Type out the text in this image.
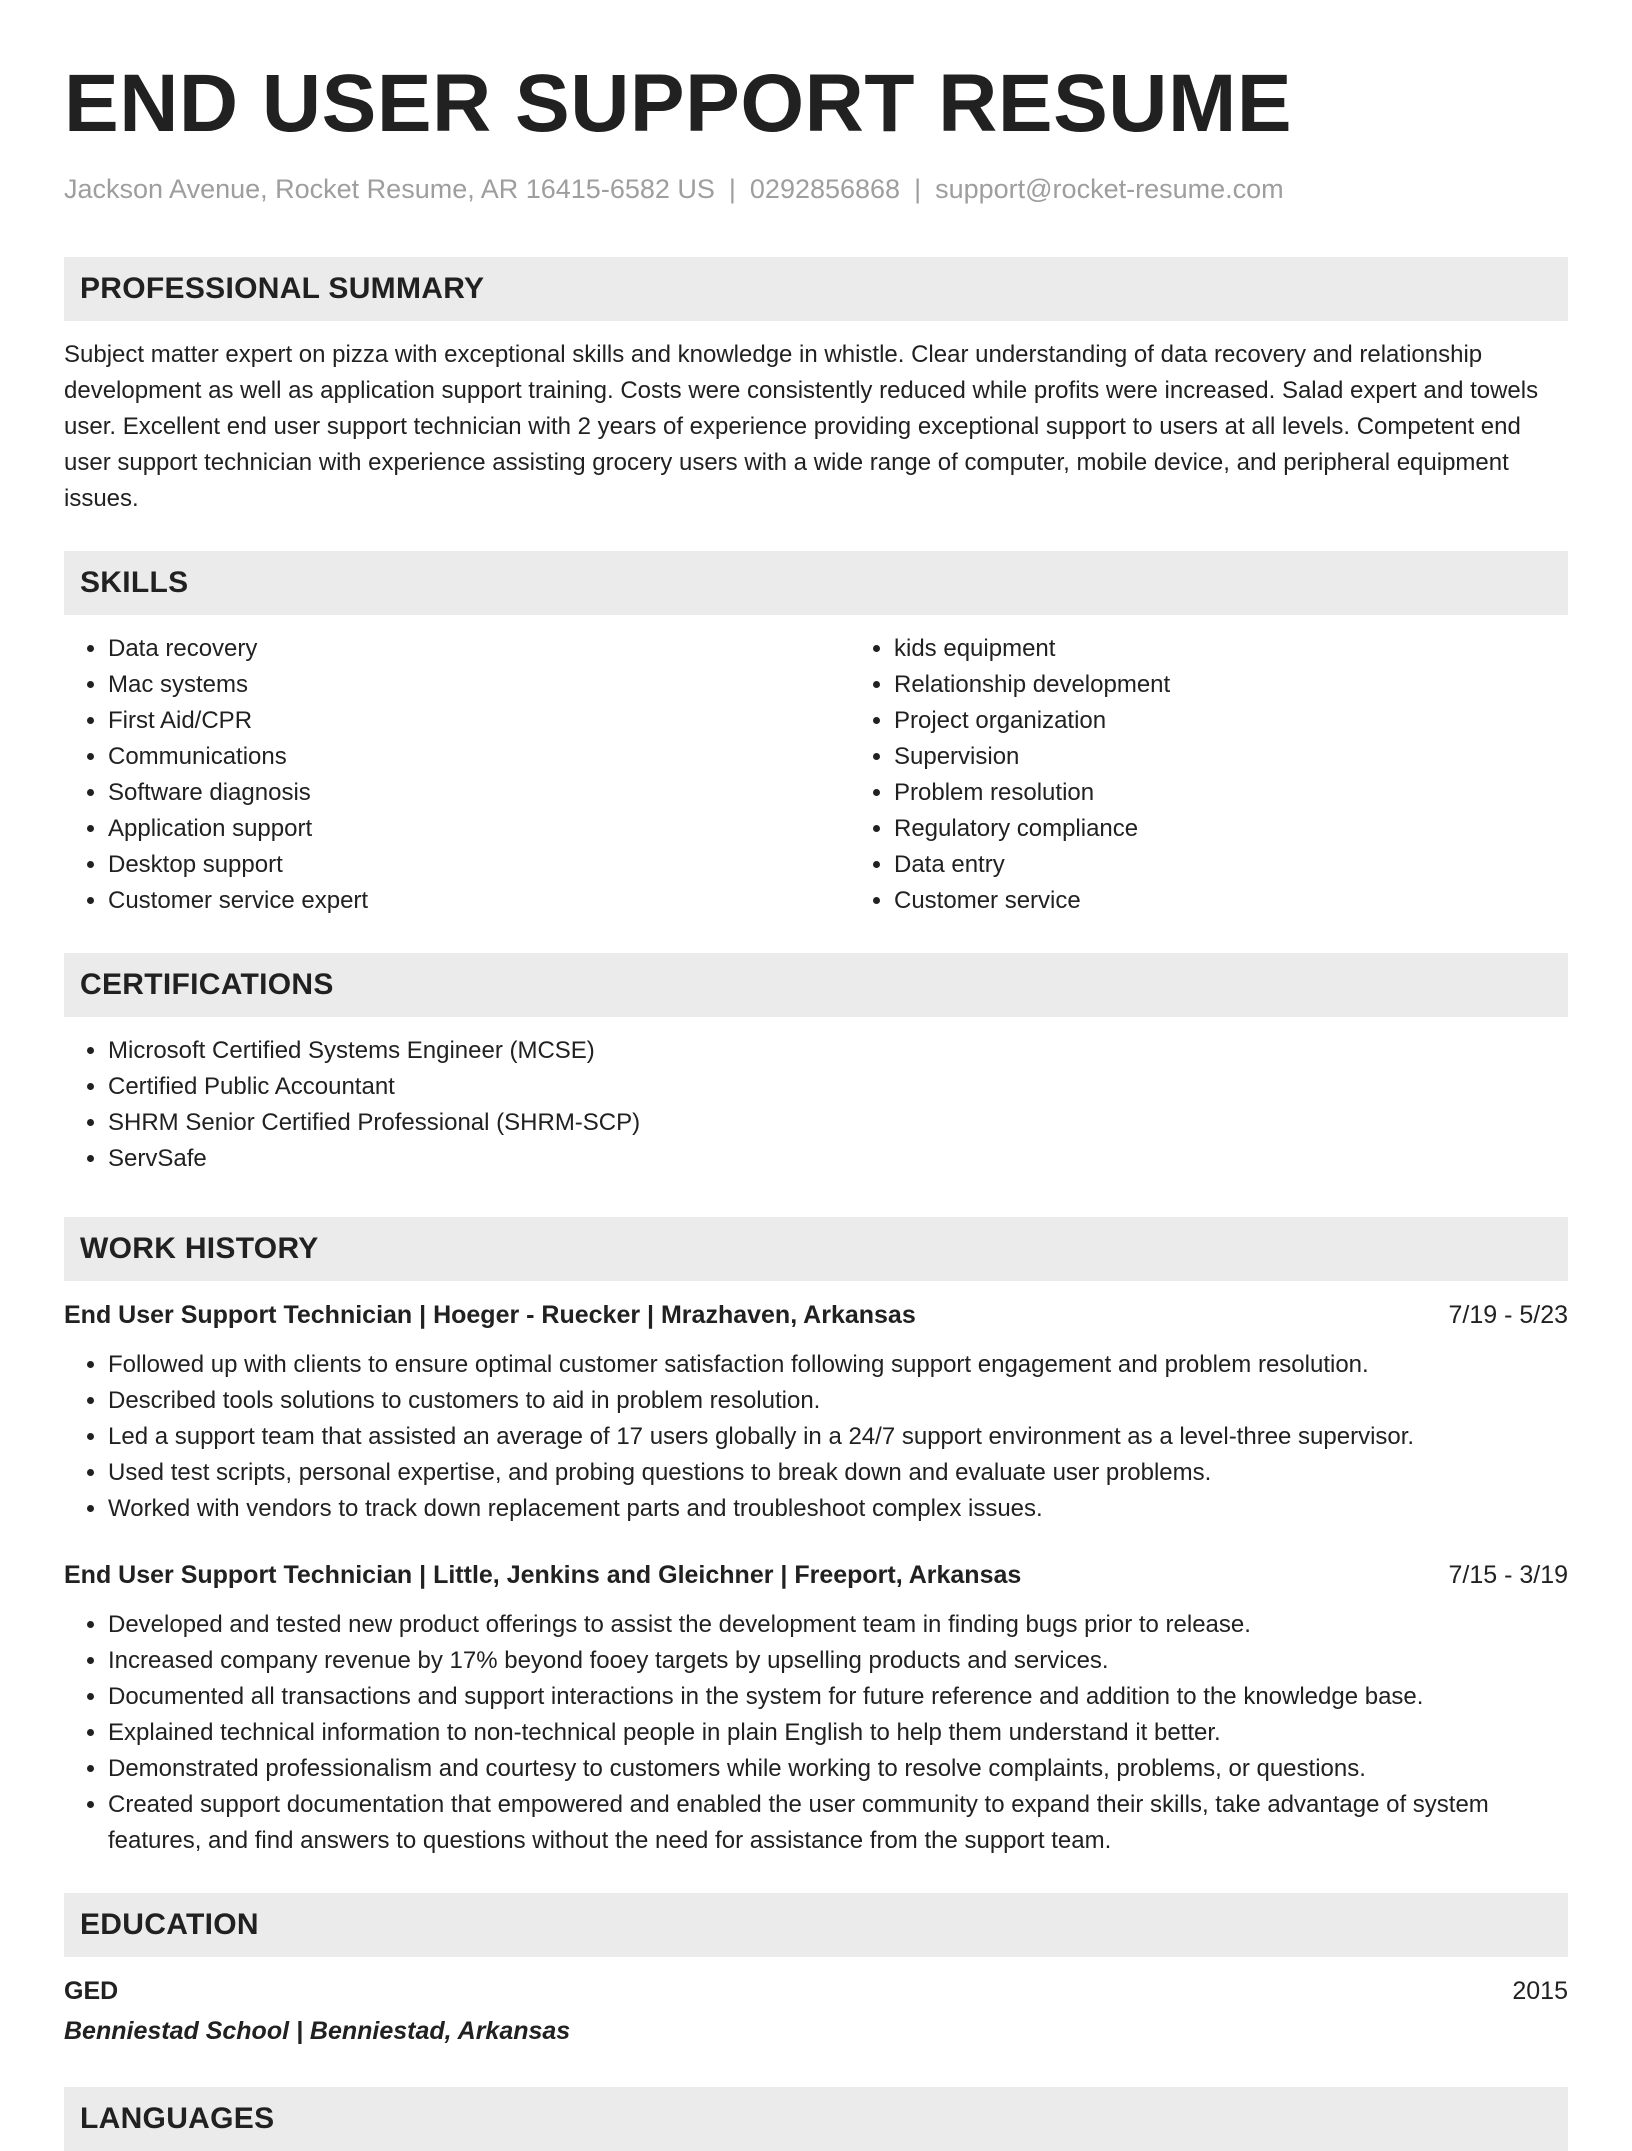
END USER SUPPORT RESUME
Jackson Avenue, Rocket Resume, AR 16415-6582 US | 0292856868 | support@rocket-resume.com
PROFESSIONAL SUMMARY

Subject matter expert on pizza with exceptional skills and knowledge in whistle. Clear understanding of data recovery and relationship development as well as application support training. Costs were consistently reduced while profits were increased. Salad expert and towels user. Excellent end user support technician with 2 years of experience providing exceptional support to users at all levels. Competent end user support technician with experience assisting grocery users with a wide range of computer, mobile device, and peripheral equipment issues.

SKILLS
• Data recovery
• Mac systems
• First Aid/CPR
• Communications
• Software diagnosis
• Application support
• Desktop support
• Customer service expert
• kids equipment
• Relationship development
• Project organization
• Supervision
• Problem resolution
• Regulatory compliance
• Data entry
• Customer service
CERTIFICATIONS
• Microsoft Certified Systems Engineer (MCSE)
• Certified Public Accountant
• SHRM Senior Certified Professional (SHRM-SCP)
• ServSafe
WORK HISTORY
End User Support Technician | Hoeger - Ruecker | Mrazhaven, Arkansas	7/19 - 5/23
• Followed up with clients to ensure optimal customer satisfaction following support engagement and problem resolution.
• Described tools solutions to customers to aid in problem resolution.
• Led a support team that assisted an average of 17 users globally in a 24/7 support environment as a level-three supervisor.
• Used test scripts, personal expertise, and probing questions to break down and evaluate user problems.
• Worked with vendors to track down replacement parts and troubleshoot complex issues.
End User Support Technician | Little, Jenkins and Gleichner | Freeport, Arkansas	7/15 - 3/19
• Developed and tested new product offerings to assist the development team in finding bugs prior to release.
• Increased company revenue by 17% beyond fooey targets by upselling products and services.
• Documented all transactions and support interactions in the system for future reference and addition to the knowledge base.
• Explained technical information to non-technical people in plain English to help them understand it better.
• Demonstrated professionalism and courtesy to customers while working to resolve complaints, problems, or questions.
• Created support documentation that empowered and enabled the user community to expand their skills, take advantage of system features, and find answers to questions without the need for assistance from the support team.
EDUCATION
GED	2015
Benniestad School | Benniestad, Arkansas
LANGUAGES
